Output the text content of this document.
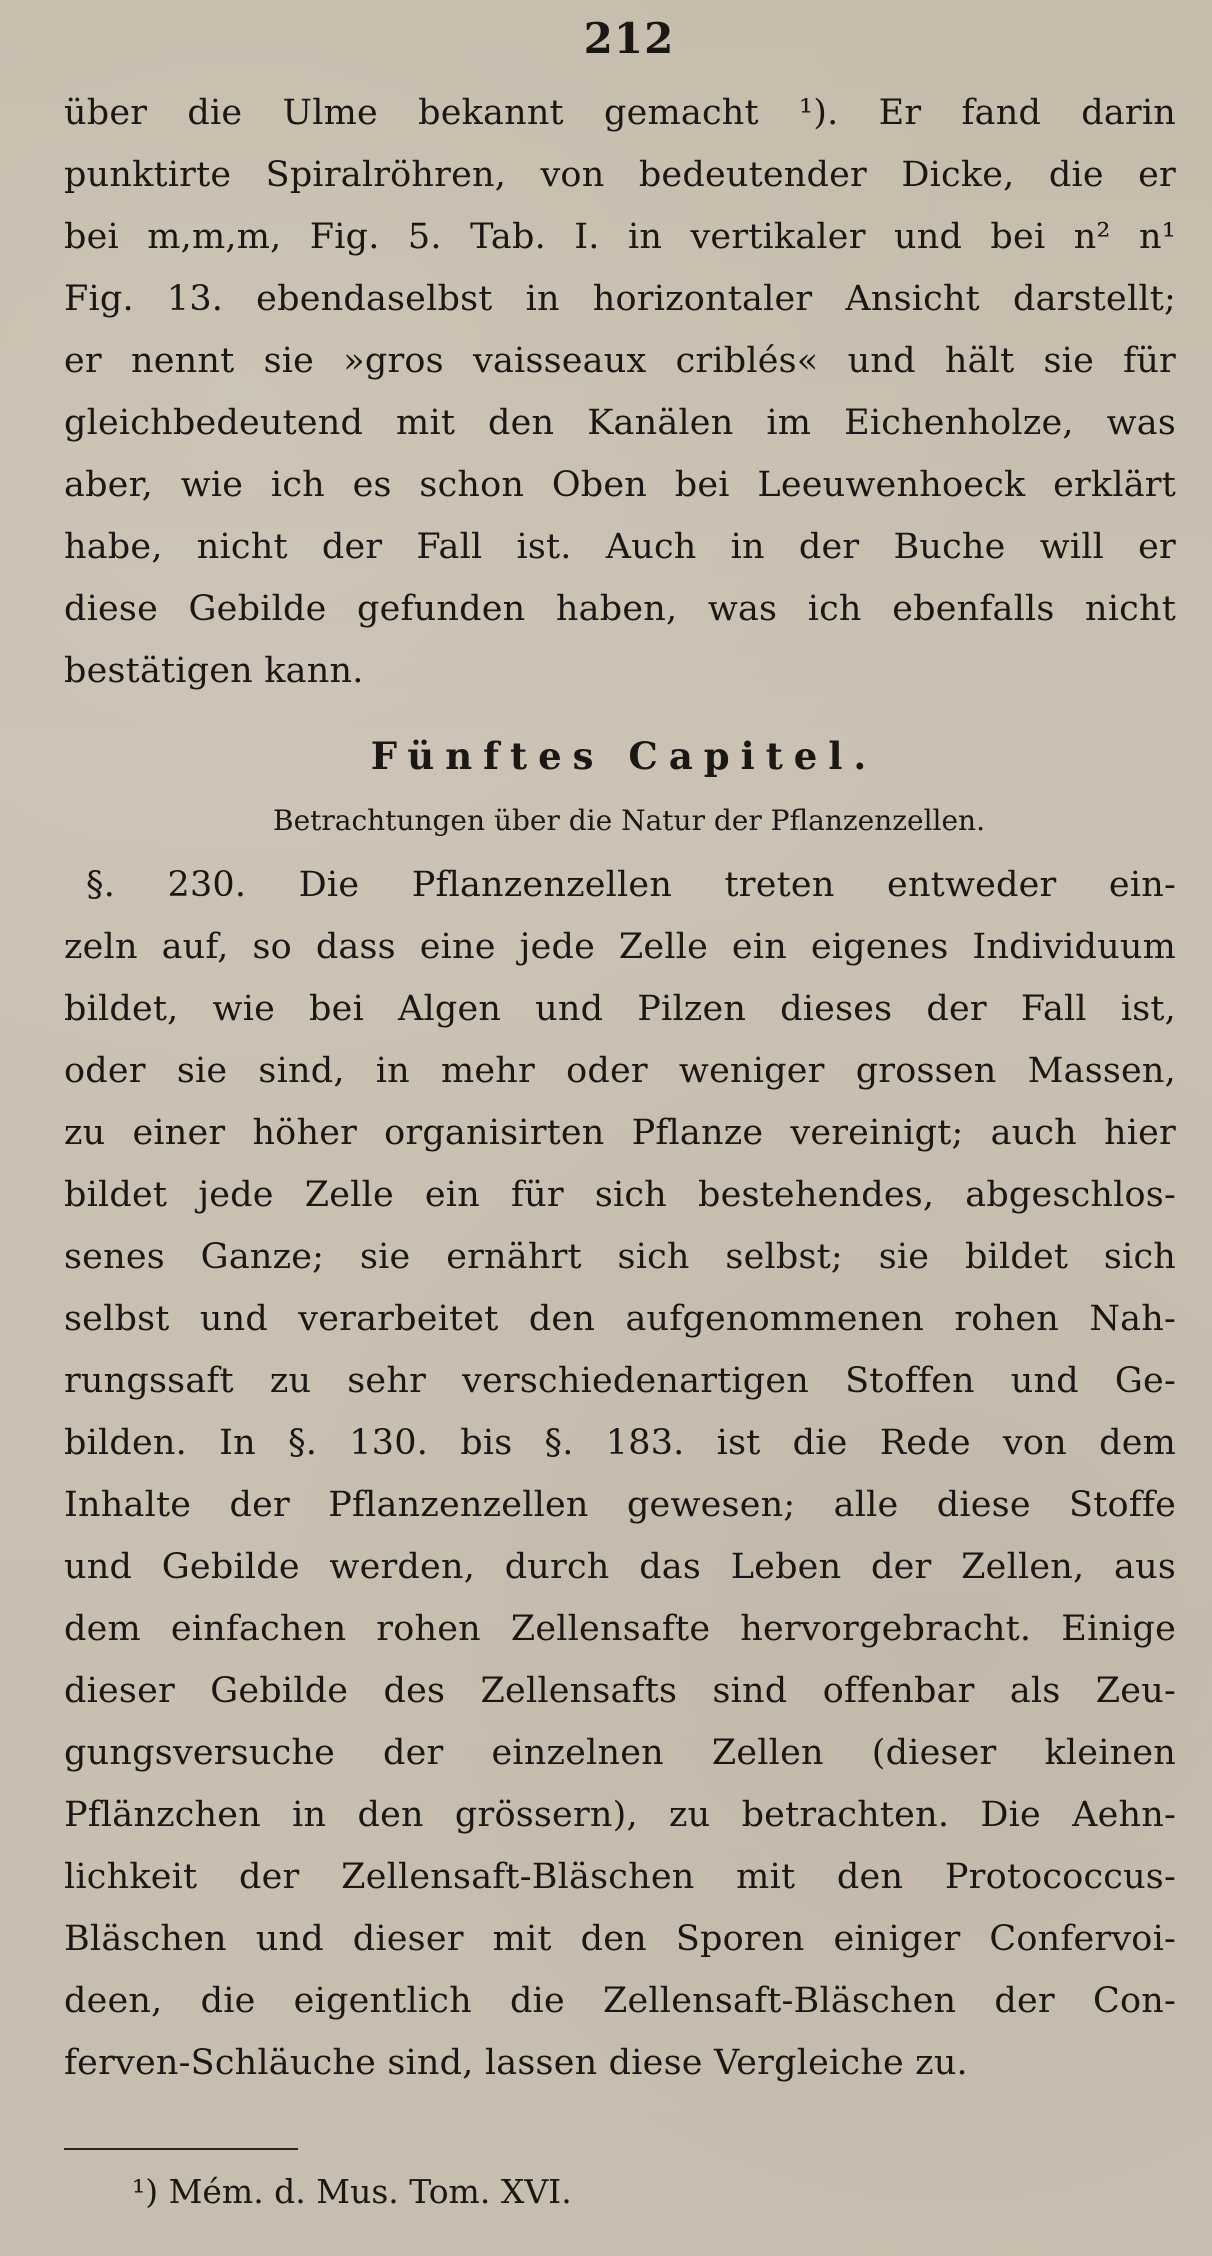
212
über die Ulme bekannt gemacht ¹). Er fand darin
punktirte Spiralröhren, von bedeutender Dicke, die er
bei m,m,m, Fig. 5. Tab. I. in vertikaler und bei n² n¹
Fig. 13. ebendaselbst in horizontaler Ansicht darstellt;
er nennt sie »gros vaisseaux criblés« und hält sie für
gleichbedeutend mit den Kanälen im Eichenholze, was
aber, wie ich es schon Oben bei Leeuwenhoeck erklärt
habe, nicht der Fall ist. Auch in der Buche will er
diese Gebilde gefunden haben, was ich ebenfalls nicht
bestätigen kann.
Fünftes Capitel.
Betrachtungen über die Natur der Pflanzenzellen.
§. 230. Die Pflanzenzellen treten entweder ein-
zeln auf, so dass eine jede Zelle ein eigenes Individuum
bildet, wie bei Algen und Pilzen dieses der Fall ist,
oder sie sind, in mehr oder weniger grossen Massen,
zu einer höher organisirten Pflanze vereinigt; auch hier
bildet jede Zelle ein für sich bestehendes, abgeschlos-
senes Ganze; sie ernährt sich selbst; sie bildet sich
selbst und verarbeitet den aufgenommenen rohen Nah-
rungssaft zu sehr verschiedenartigen Stoffen und Ge-
bilden. In §. 130. bis §. 183. ist die Rede von dem
Inhalte der Pflanzenzellen gewesen; alle diese Stoffe
und Gebilde werden, durch das Leben der Zellen, aus
dem einfachen rohen Zellensafte hervorgebracht. Einige
dieser Gebilde des Zellensafts sind offenbar als Zeu-
gungsversuche der einzelnen Zellen (dieser kleinen
Pflänzchen in den grössern), zu betrachten. Die Aehn-
lichkeit der Zellensaft-Bläschen mit den Protococcus-
Bläschen und dieser mit den Sporen einiger Confervoi-
deen, die eigentlich die Zellensaft-Bläschen der Con-
ferven-Schläuche sind, lassen diese Vergleiche zu.
¹) Mém. d. Mus. Tom. XVI.
